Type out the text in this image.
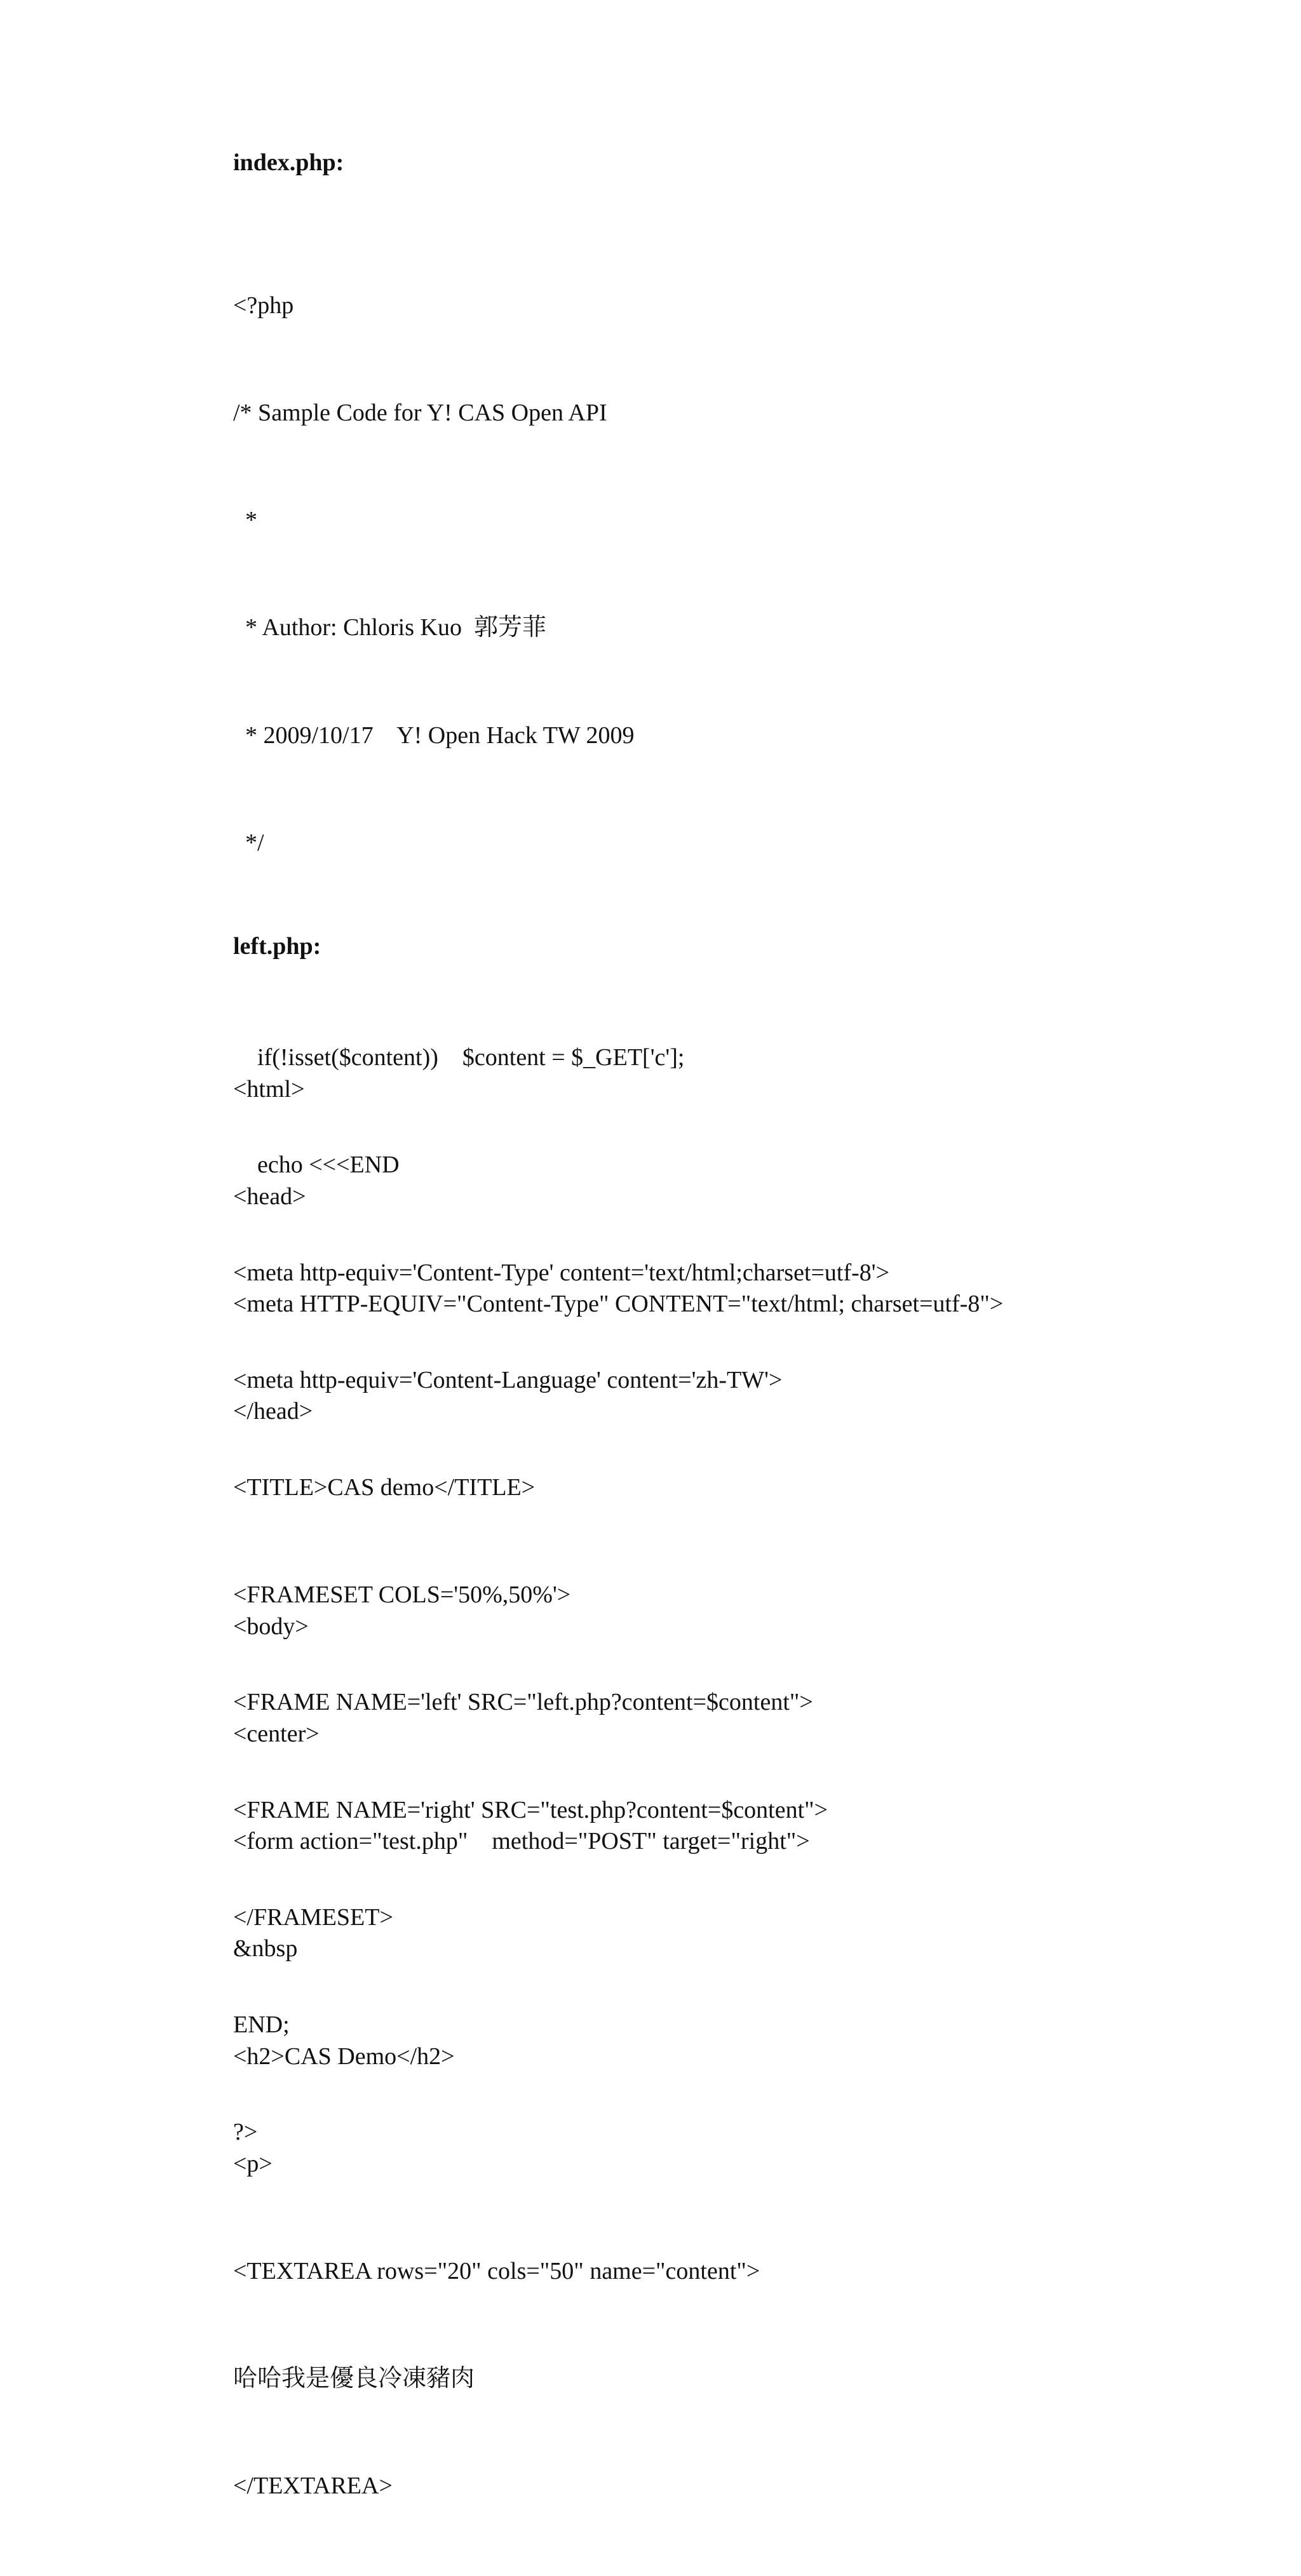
index.php:

<?php

/* Sample Code for Y! CAS Open API

*

* Author: Chloris Kuo  郭芳菲

* 2009/10/17    Y! Open Hack TW 2009

*/

if(!isset($content))    $content = $_GET['c'];

echo <<<END

<meta http-equiv='Content-Type' content='text/html;charset=utf-8'>

<meta http-equiv='Content-Language' content='zh-TW'>

<TITLE>CAS demo</TITLE>

<FRAMESET COLS='50%,50%'>

<FRAME NAME='left' SRC="left.php?content=$content">

<FRAME NAME='right' SRC="test.php?content=$content">

</FRAMESET>

END;

?>

left.php:

<html>

<head>

<meta HTTP-EQUIV="Content-Type" CONTENT="text/html; charset=utf-8">

</head>

<body>

<center>

<form action="test.php"    method="POST" target="right">

&nbsp

<h2>CAS Demo</h2>

<p>

<TEXTAREA rows="20" cols="50" name="content">

哈哈我是優良冷凍豬肉

</TEXTAREA>
